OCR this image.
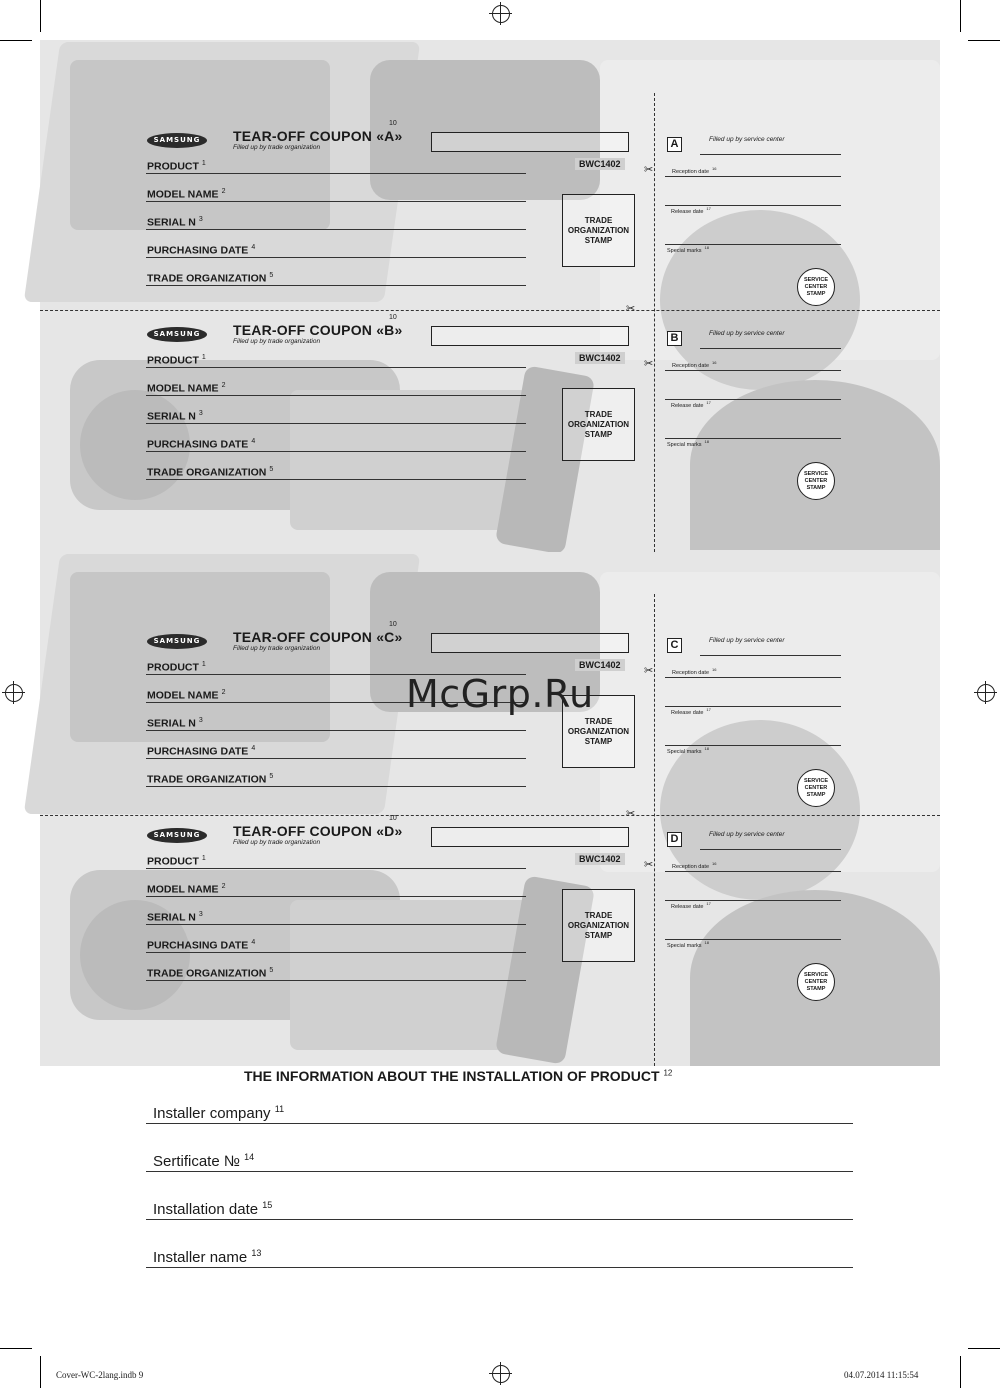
SAMSUNG	TEAR-OFF COUPON «A»
10
Filled up by trade organization
PRODUCT $^1$
MODEL NAME $^2$
SERIAL N $^3$
PURCHASING DATE $^4$
TRADE ORGANIZATION $^5$
BWC1402
TRADE
ORGANIZATION
STAMP
✂
A	Filled up by service center
Reception date$^{16}$
Release date$^{17}$
Special marks$^{18}$
SERVICE
CENTER
STAMP
SAMSUNG	TEAR-OFF COUPON «B»
10
Filled up by trade organization
PRODUCT $^1$
MODEL NAME $^2$
SERIAL N $^3$
PURCHASING DATE $^4$
TRADE ORGANIZATION $^5$
BWC1402
TRADE
ORGANIZATION
STAMP
✂
B	Filled up by service center
Reception date$^{16}$
Release date$^{17}$
Special marks$^{18}$
SERVICE
CENTER
STAMP
SAMSUNG	TEAR-OFF COUPON «C»
10
Filled up by trade organization
PRODUCT $^1$
MODEL NAME $^2$
SERIAL N $^3$
PURCHASING DATE $^4$
TRADE ORGANIZATION $^5$
BWC1402
TRADE
ORGANIZATION
STAMP
✂
C	Filled up by service center
Reception date$^{16}$
Release date$^{17}$
Special marks$^{18}$
SERVICE
CENTER
STAMP
SAMSUNG	TEAR-OFF COUPON «D»
10
Filled up by trade organization
PRODUCT $^1$
MODEL NAME $^2$
SERIAL N $^3$
PURCHASING DATE $^4$
TRADE ORGANIZATION $^5$
BWC1402
TRADE
ORGANIZATION
STAMP
✂
D	Filled up by service center
Reception date$^{16}$
Release date$^{17}$
Special marks$^{18}$
SERVICE
CENTER
STAMP
✂
✂
McGrp.Ru
THE INFORMATION ABOUT THE INSTALLATION OF PRODUCT $^{12}$
Installer company $^{11}$
Sertificate № $^{14}$
Installation date $^{15}$
Installer name $^{13}$
Cover-WC-2lang.indb 9	04.07.2014 11:15:54
